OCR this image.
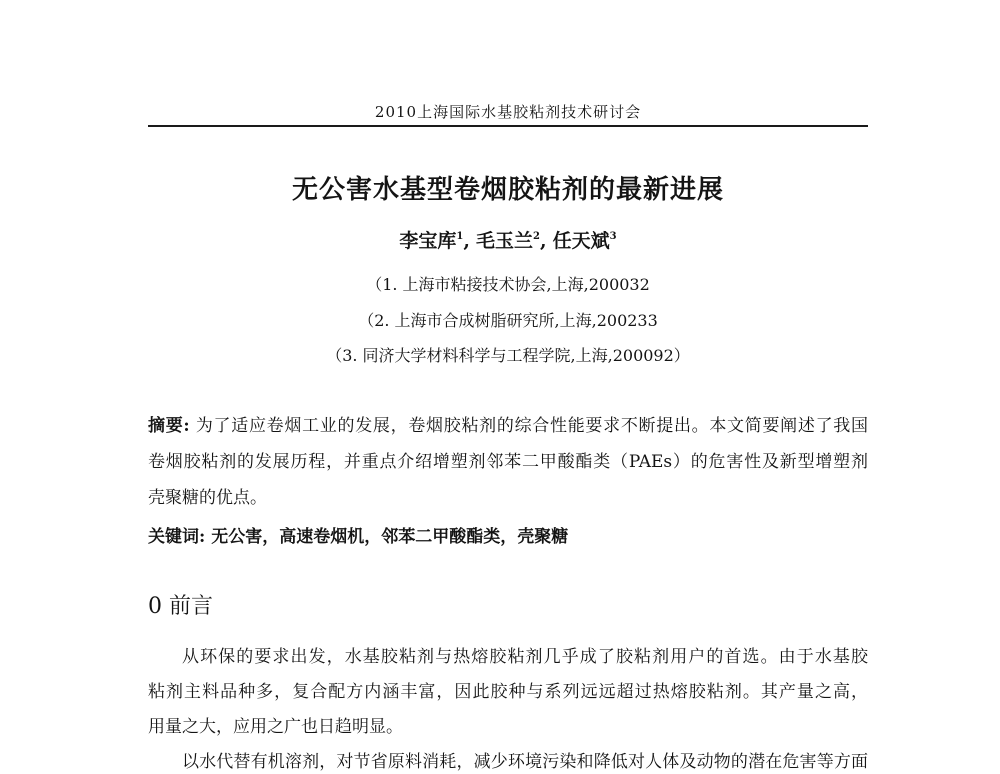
2010上海国际水基胶粘剂技术研讨会
无公害水基型卷烟胶粘剂的最新进展
李宝库$^1$, 毛玉兰$^2$, 任天斌$^3$
（1. 上海市粘接技术协会,上海,200032
（2. 上海市合成树脂研究所,上海,200233
（3. 同济大学材料科学与工程学院,上海,200092）
摘要: 为了适应卷烟工业的发展，卷烟胶粘剂的综合性能要求不断提出。本文简要阐述了我国
卷烟胶粘剂的发展历程，并重点介绍增塑剂邻苯二甲酸酯类（PAEs）的危害性及新型增塑剂
壳聚糖的优点。
关键词: 无公害，高速卷烟机，邻苯二甲酸酯类，壳聚糖
0 前言
从环保的要求出发，水基胶粘剂与热熔胶粘剂几乎成了胶粘剂用户的首选。由于水基胶
粘剂主料品种多，复合配方内涵丰富，因此胶种与系列远远超过热熔胶粘剂。其产量之高，
用量之大，应用之广也日趋明显。
以水代替有机溶剂，对节省原料消耗，减少环境污染和降低对人体及动物的潜在危害等方面
